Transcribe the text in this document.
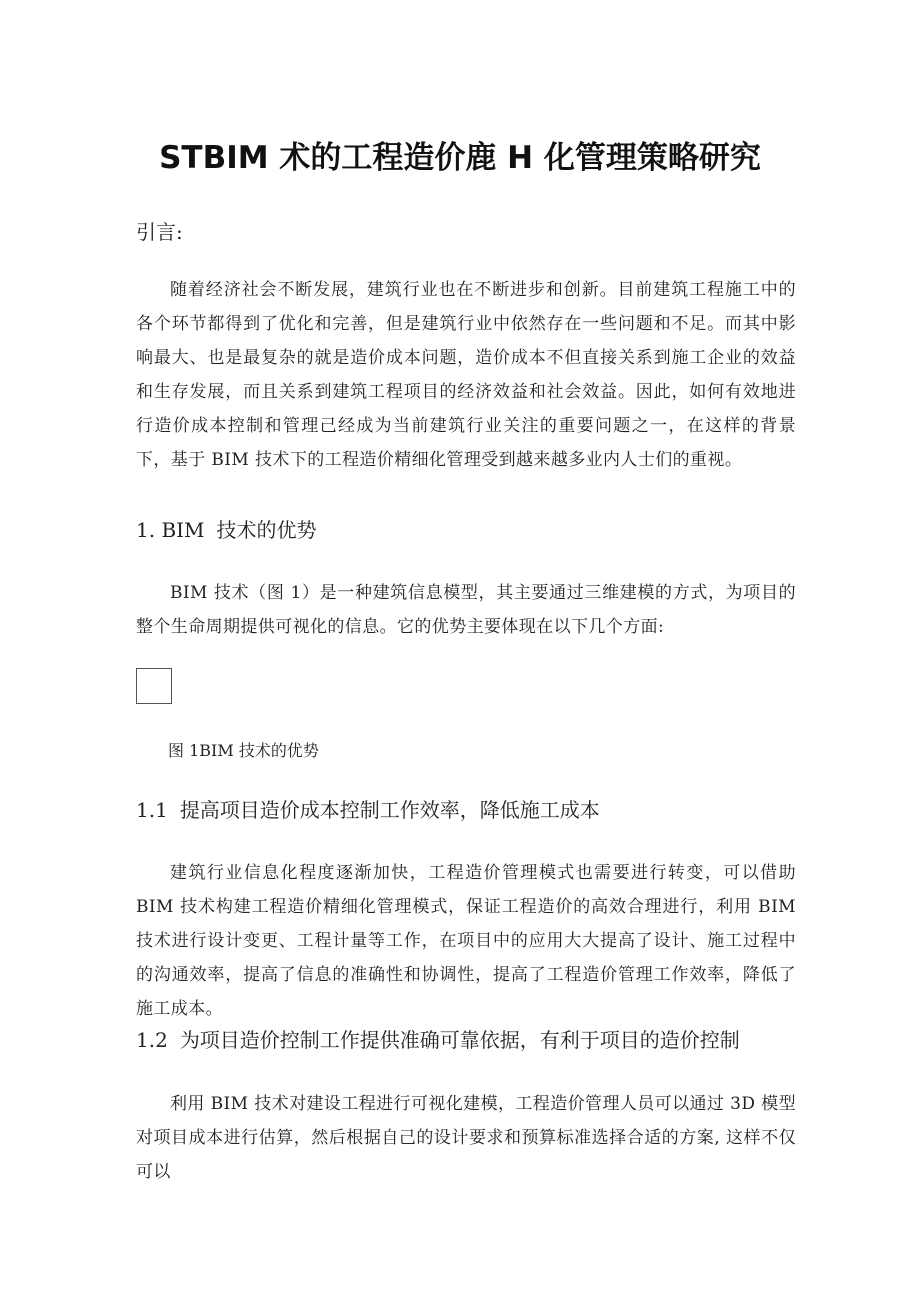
STBIM 术的工程造价鹿 H 化管理策略研究
引言:

随着经济社会不断发展，建筑行业也在不断进步和创新。目前建筑工程施工中的各个环节都得到了优化和完善，但是建筑行业中依然存在一些问题和不足。而其中影响最大、也是最复杂的就是造价成本问题，造价成本不但直接关系到施工企业的效益和生存发展，而且关系到建筑工程项目的经济效益和社会效益。因此，如何有效地进行造价成本控制和管理己经成为当前建筑行业关注的重要问题之一，在这样的背景下，基于 BIM 技术下的工程造价精细化管理受到越来越多业内人士们的重视。

1. BIM 技术的优势

BIM 技术（图 1）是一种建筑信息模型，其主要通过三维建模的方式，为项目的整个生命周期提供可视化的信息。它的优势主要体现在以下几个方面:

图 1BIM 技术的优势
1.1 提高项目造价成本控制工作效率，降低施工成本

建筑行业信息化程度逐渐加快，工程造价管理模式也需要进行转变，可以借助 BIM 技术构建工程造价精细化管理模式，保证工程造价的高效合理进行，利用 BIM 技术进行设计变更、工程计量等工作，在项目中的应用大大提高了设计、施工过程中的沟通效率，提高了信息的准确性和协调性，提高了工程造价管理工作效率，降低了施工成本。

1.2 为项目造价控制工作提供准确可靠依据，有利于项目的造价控制

利用 BIM 技术对建设工程进行可视化建模，工程造价管理人员可以通过 3D 模型对项目成本进行估算，然后根据自己的设计要求和预算标准选择合适的方案, 这样不仅可以
